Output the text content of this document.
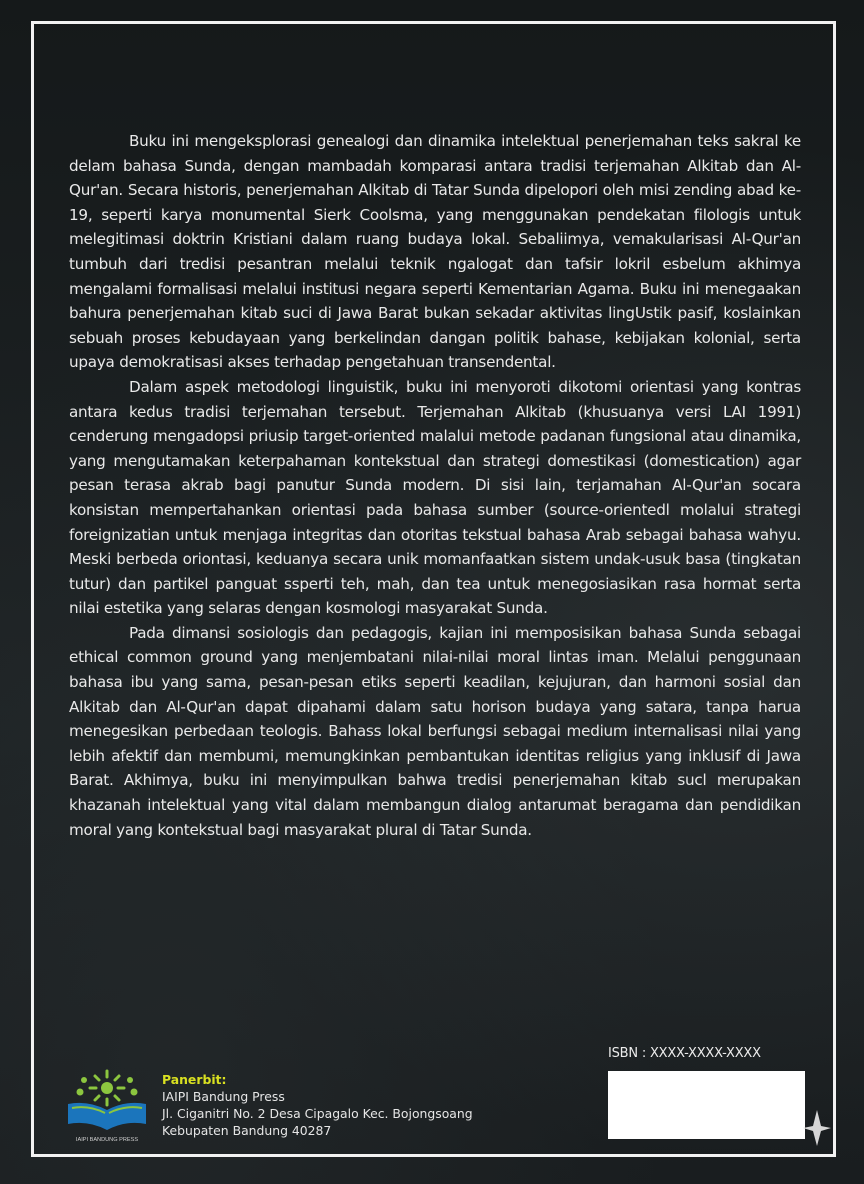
Buku ini mengeksplorasi genealogi dan dinamika intelektual penerjemahan teks sakral ke delam bahasa Sunda, dengan mambadah komparasi antara tradisi terjemahan Alkitab dan Al-Qur'an. Secara historis, penerjemahan Alkitab di Tatar Sunda dipelopori oleh misi zending abad ke-19, seperti karya monumental Sierk Coolsma, yang menggunakan pendekatan filologis untuk melegitimasi doktrin Kristiani dalam ruang budaya lokal. Sebaliimya, vemakularisasi Al-Qur'an tumbuh dari tredisi pesantran melalui teknik ngalogat dan tafsir lokril esbelum akhimya mengalami formalisasi melalui institusi negara seperti Kementarian Agama. Buku ini menegaakan bahura penerjemahan kitab suci di Jawa Barat bukan sekadar aktivitas lingUstik pasif, koslainkan sebuah proses kebudayaan yang berkelindan dangan politik bahase, kebijakan kolonial, serta upaya demokratisasi akses terhadap pengetahuan transendental.

Dalam aspek metodologi linguistik, buku ini menyoroti dikotomi orientasi yang kontras antara kedus tradisi terjemahan tersebut. Terjemahan Alkitab (khusuanya versi LAI 1991) cenderung mengadopsi priusip target-oriented malalui metode padanan fungsional atau dinamika, yang mengutamakan keterpahaman kontekstual dan strategi domestikasi (domestication) agar pesan terasa akrab bagi panutur Sunda modern. Di sisi lain, terjamahan Al-Qur'an socara konsistan mempertahankan orientasi pada bahasa sumber (source-orientedl molalui strategi foreignizatian untuk menjaga integritas dan otoritas tekstual bahasa Arab sebagai bahasa wahyu. Meski berbeda oriontasi, keduanya secara unik momanfaatkan sistem undak-usuk basa (tingkatan tutur) dan partikel panguat ssperti teh, mah, dan tea untuk menegosiasikan rasa hormat serta nilai estetika yang selaras dengan kosmologi masyarakat Sunda.

Pada dimansi sosiologis dan pedagogis, kajian ini memposisikan bahasa Sunda sebagai ethical common ground yang menjembatani nilai-nilai moral lintas iman. Melalui penggunaan bahasa ibu yang sama, pesan-pesan etiks seperti keadilan, kejujuran, dan harmoni sosial dan Alkitab dan Al-Qur'an dapat dipahami dalam satu horison budaya yang satara, tanpa harua menegesikan perbedaan teologis. Bahass lokal berfungsi sebagai medium internalisasi nilai yang lebih afektif dan membumi, memungkinkan pembantukan identitas religius yang inklusif di Jawa Barat. Akhimya, buku ini menyimpulkan bahwa tredisi penerjemahan kitab sucl merupakan khazanah intelektual yang vital dalam membangun dialog antarumat beragama dan pendidikan moral yang kontekstual bagi masyarakat plural di Tatar Sunda.

ISBN : XXXX-XXXX-XXXX
IAIPI BANDUNG PRESS
Panerbit:
IAIPI Bandung Press
Jl. Ciganitri No. 2 Desa Cipagalo Kec. Bojongsoang
Kebupaten Bandung 40287
